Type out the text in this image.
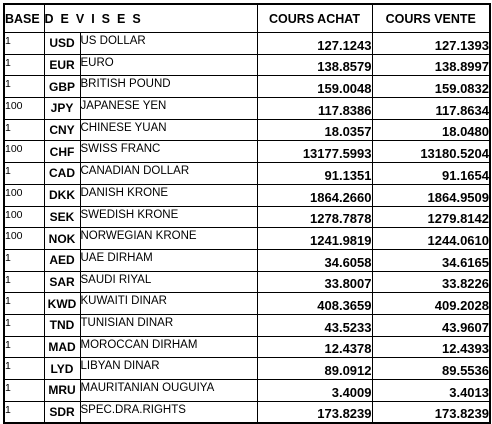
BASE	DEVISES		COURS ACHAT	COURS VENTE
1	USD	US DOLLAR	127.1243	127.1393
1	EUR	EURO	138.8579	138.8997
1	GBP	BRITISH POUND	159.0048	159.0832
100	JPY	JAPANESE YEN	117.8386	117.8634
1	CNY	CHINESE YUAN	18.0357	18.0480
100	CHF	SWISS FRANC	13177.5993	13180.5204
1	CAD	CANADIAN DOLLAR	91.1351	91.1654
100	DKK	DANISH KRONE	1864.2660	1864.9509
100	SEK	SWEDISH KRONE	1278.7878	1279.8142
100	NOK	NORWEGIAN KRONE	1241.9819	1244.0610
1	AED	UAE DIRHAM	34.6058	34.6165
1	SAR	SAUDI RIYAL	33.8007	33.8226
1	KWD	KUWAITI DINAR	408.3659	409.2028
1	TND	TUNISIAN DINAR	43.5233	43.9607
1	MAD	MOROCCAN DIRHAM	12.4378	12.4393
1	LYD	LIBYAN DINAR	89.0912	89.5536
1	MRU	MAURITANIAN OUGUIYA	3.4009	3.4013
1	SDR	SPEC.DRA.RIGHTS	173.8239	173.8239
